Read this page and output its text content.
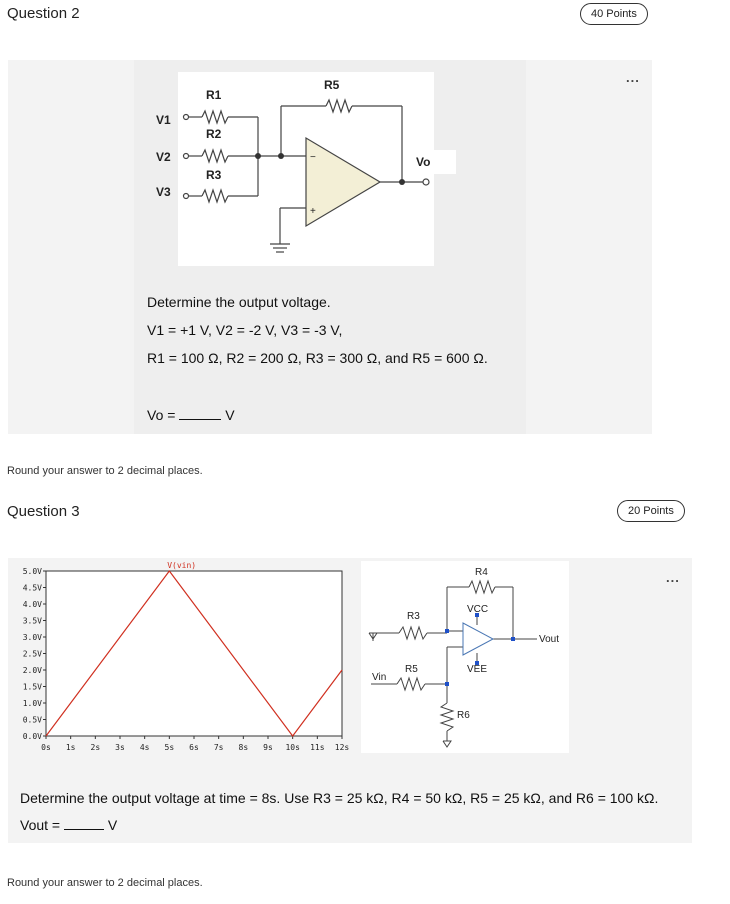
Question 2	40 Points
...
R1
R2
R3
R5
V1
V2
V3
Vo
−
+
Determine the output voltage.
V1 = +1 V, V2 = -2 V, V3 = -3 V,
R1 = 100 Ω, R2 = 200 Ω, R3 = 300 Ω, and R5 = 600 Ω.
Vo =	V
Round your answer to 2 decimal places.
Question 3	20 Points
...
0.0V
0.5V
1.0V
1.5V
2.0V
2.5V
3.0V
3.5V
4.0V
4.5V
5.0V
0s 1s 2s 3s 4s 5s 6s 7s 8s 9s 10s 11s 12s
V(vin)
R4
VCC
R3
Vout
R5	VEE
Vin
R6
Determine the output voltage at time = 8s. Use R3 = 25 kΩ, R4 = 50 kΩ, R5 = 25 kΩ, and R6 = 100 kΩ.
Vout =	V
Round your answer to 2 decimal places.
